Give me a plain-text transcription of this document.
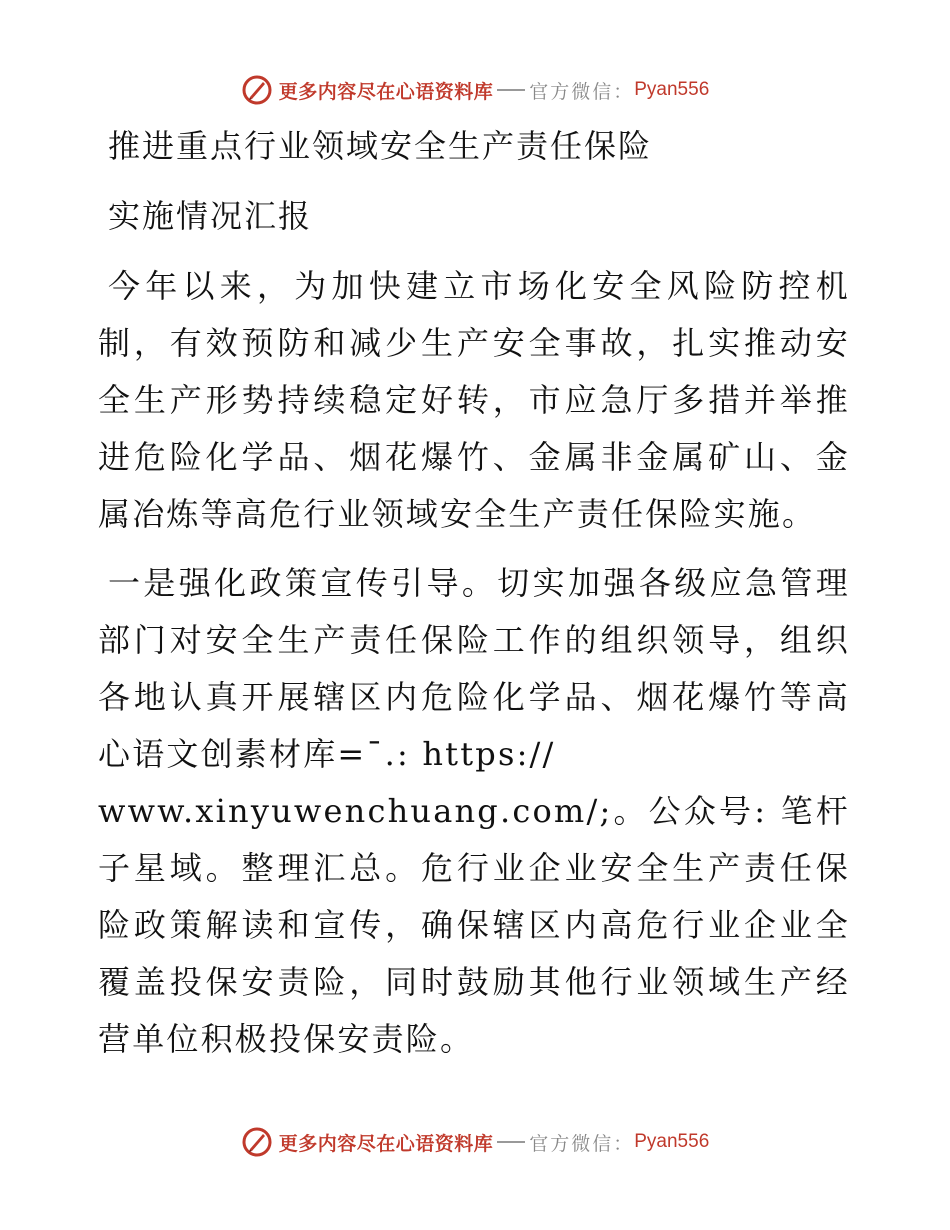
更多内容尽在心语资料库 官方微信： Pyan556
推进重点行业领域安全生产责任保险
实施情况汇报

今年以来，为加快建立市场化安全风险防控机制，有效预防和减少生产安全事故，扎实推动安全生产形势持续稳定好转，市应急厅多措并举推进危险化学品、烟花爆竹、金属非金属矿山、金属冶炼等高危行业领域安全生产责任保险实施。

一是强化政策宣传引导。切实加强各级应急管理部门对安全生产责任保险工作的组织领导，组织各地认真开展辖区内危险化学品、烟花爆竹等高心语文创素材库=¯.: https://

www.xinyuwenchuang.com/;。公众号: 笔杆子星域。整理汇总。危行业企业安全生产责任保险政策解读和宣传，确保辖区内高危行业企业全覆盖投保安责险，同时鼓励其他行业领域生产经营单位积极投保安责险。

更多内容尽在心语资料库 官方微信： Pyan556
